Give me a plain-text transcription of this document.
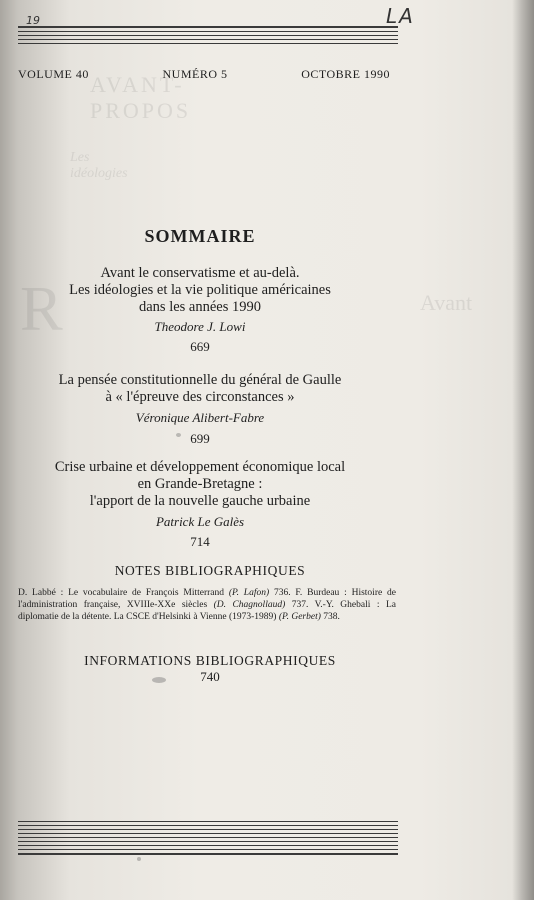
19	LA
VOLUME 40	NUMÉRO 5	OCTOBRE 1990
SOMMAIRE
Avant le conservatisme et au-delà.
Les idéologies et la vie politique américaines
dans les années 1990
Theodore J. Lowi
669
La pensée constitutionnelle du général de Gaulle
à « l'épreuve des circonstances »
Véronique Alibert-Fabre
699
Crise urbaine et développement économique local
en Grande-Bretagne :
l'apport de la nouvelle gauche urbaine
Patrick Le Galès
714
NOTES BIBLIOGRAPHIQUES
D. Labbé : Le vocabulaire de François Mitterrand (P. Lafon) 736. F. Burdeau : Histoire de l'administration française, XVIIIe-XXe siècles (D. Chagnollaud) 737. V.-Y. Ghebali : La diplomatie de la détente. La CSCE d'Helsinki à Vienne (1973-1989) (P. Gerbet) 738.
INFORMATIONS BIBLIOGRAPHIQUES
740
